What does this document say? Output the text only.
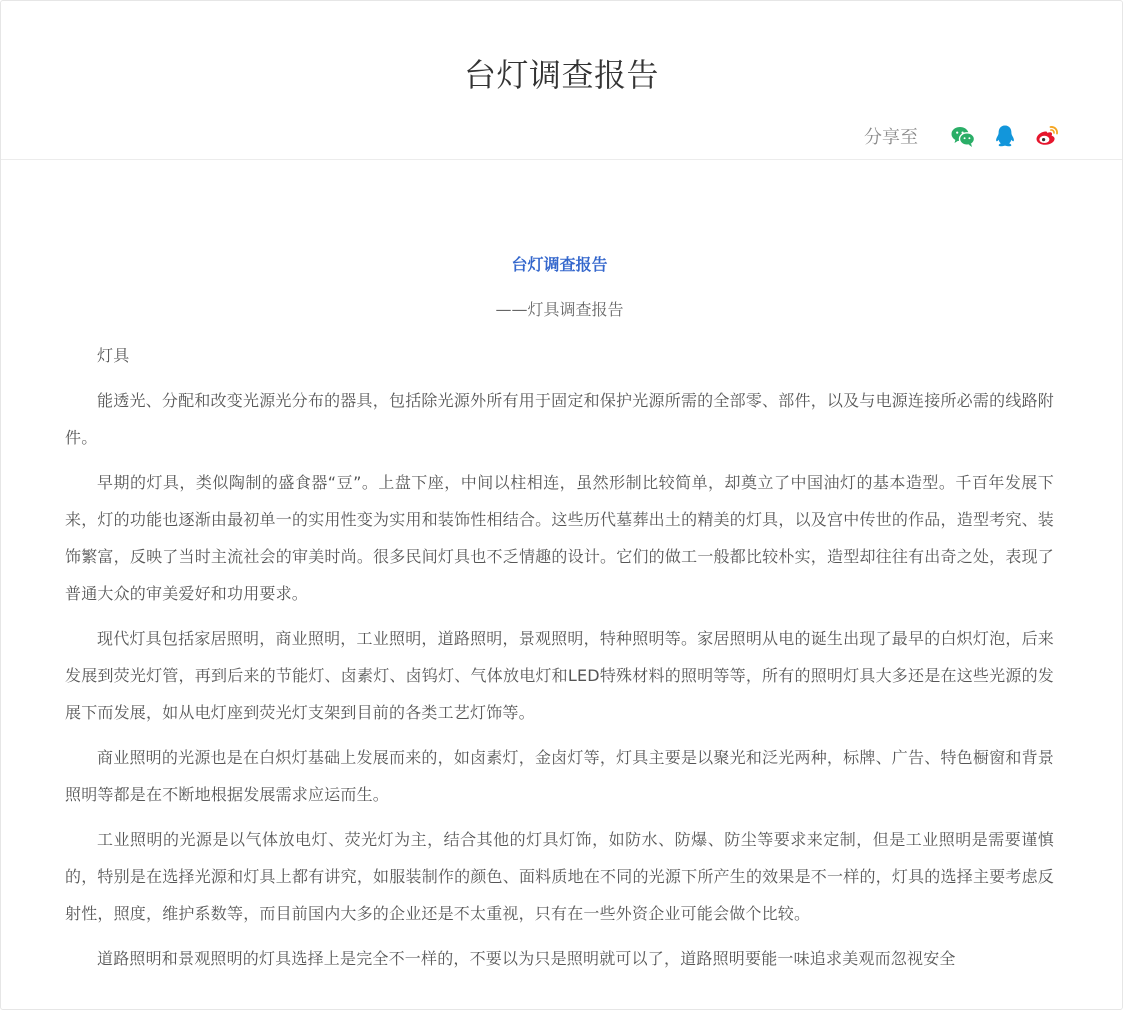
台灯调查报告
分享至
台灯调查报告
——灯具调查报告

灯具

能透光、分配和改变光源光分布的器具，包括除光源外所有用于固定和保护光源所需的全部零、部件，以及与电源连接所必需的线路附件。

早期的灯具，类似陶制的盛食器“豆”。上盘下座，中间以柱相连，虽然形制比较简单，却奠立了中国油灯的基本造型。千百年发展下来，灯的功能也逐渐由最初单一的实用性变为实用和装饰性相结合。这些历代墓葬出土的精美的灯具，以及宫中传世的作品，造型考究、装饰繁富，反映了当时主流社会的审美时尚。很多民间灯具也不乏情趣的设计。它们的做工一般都比较朴实，造型却往往有出奇之处，表现了普通大众的审美爱好和功用要求。

现代灯具包括家居照明，商业照明，工业照明，道路照明，景观照明，特种照明等。家居照明从电的诞生出现了最早的白炽灯泡，后来发展到荧光灯管，再到后来的节能灯、卤素灯、卤钨灯、气体放电灯和LED特殊材料的照明等等，所有的照明灯具大多还是在这些光源的发展下而发展，如从电灯座到荧光灯支架到目前的各类工艺灯饰等。

商业照明的光源也是在白炽灯基础上发展而来的，如卤素灯，金卤灯等，灯具主要是以聚光和泛光两种，标牌、广告、特色橱窗和背景照明等都是在不断地根据发展需求应运而生。

工业照明的光源是以气体放电灯、荧光灯为主，结合其他的灯具灯饰，如防水、防爆、防尘等要求来定制，但是工业照明是需要谨慎的，特别是在选择光源和灯具上都有讲究，如服装制作的颜色、面料质地在不同的光源下所产生的效果是不一样的，灯具的选择主要考虑反射性，照度，维护系数等，而目前国内大多的企业还是不太重视，只有在一些外资企业可能会做个比较。

道路照明和景观照明的灯具选择上是完全不一样的，不要以为只是照明就可以了，道路照明要能一味追求美观而忽视安全
